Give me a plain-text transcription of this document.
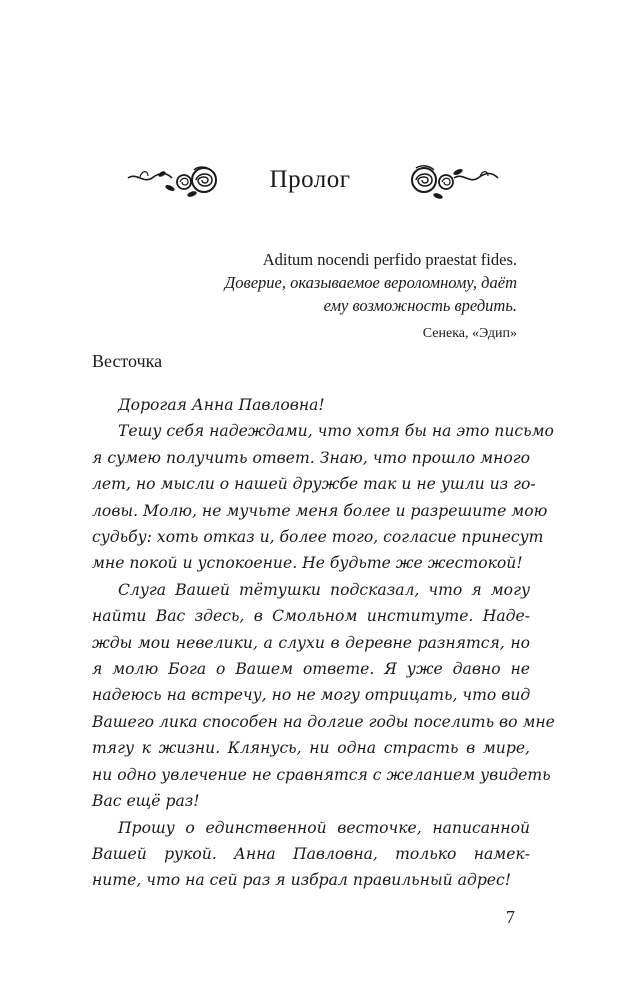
Пролог
Aditum nocendi perfido praestat fides.
Доверие, оказываемое вероломному, даёт
ему возможность вредить.
Сенека, «Эдип»
Весточка
Дорогая Анна Павловна!
Тешу себя надеждами, что хотя бы на это письмо
я сумею получить ответ. Знаю, что прошло много
лет, но мысли о нашей дружбе так и не ушли из го-
ловы. Молю, не мучьте меня более и разрешите мою
судьбу: хоть отказ и, более того, согласие принесут
мне покой и успокоение. Не будьте же жестокой!
Слуга Вашей тётушки подсказал, что я могу
найти Вас здесь, в Смольном институте. Наде-
жды мои невелики, а слухи в деревне разнятся, но
я молю Бога о Вашем ответе. Я уже давно не
надеюсь на встречу, но не могу отрицать, что вид
Вашего лика способен на долгие годы поселить во мне
тягу к жизни. Клянусь, ни одна страсть в мире,
ни одно увлечение не сравнятся с желанием увидеть
Вас ещё раз!
Прошу о единственной весточке, написанной
Вашей рукой. Анна Павловна, только намек-
ните, что на сей раз я избрал правильный адрес!
7
